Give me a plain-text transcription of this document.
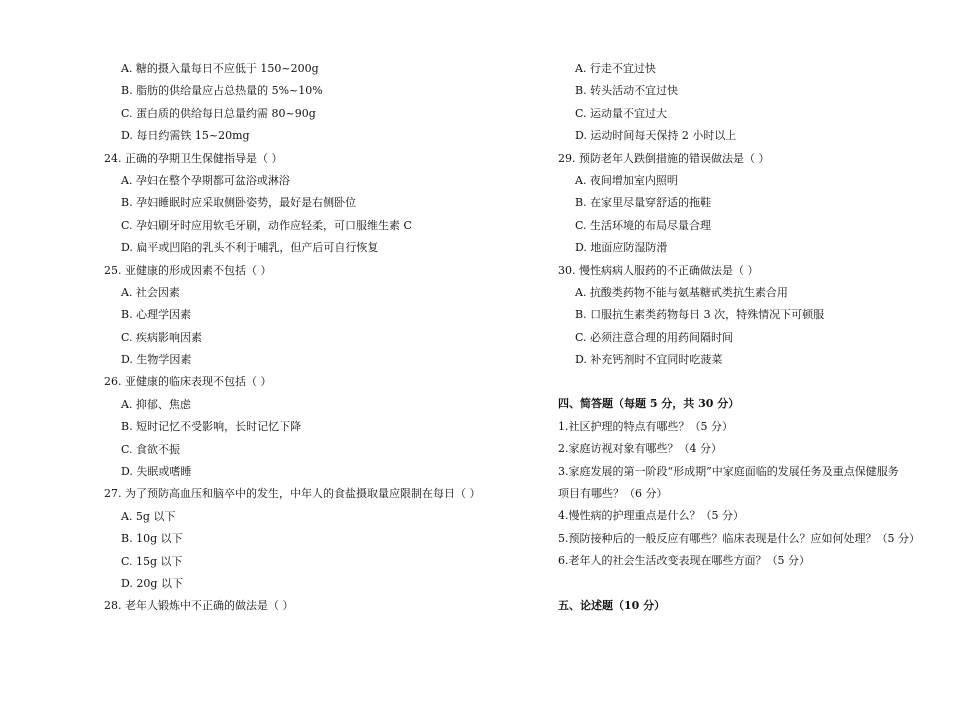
A. 糖的摄入量每日不应低于 150~200g
B. 脂肪的供给量应占总热量的 5%~10%
C. 蛋白质的供给每日总量约需 80~90g
D. 每日约需铁 15~20mg
24. 正确的孕期卫生保健指导是（ ）
A. 孕妇在整个孕期都可盆浴或淋浴
B. 孕妇睡眠时应采取侧卧姿势，最好是右侧卧位
C. 孕妇刷牙时应用软毛牙刷，动作应轻柔，可口服维生素 C
D. 扁平或凹陷的乳头不利于哺乳，但产后可自行恢复
25. 亚健康的形成因素不包括（ ）
A. 社会因素
B. 心理学因素
C. 疾病影响因素
D. 生物学因素
26. 亚健康的临床表现不包括（ ）
A. 抑郁、焦虑
B. 短时记忆不受影响，长时记忆下降
C. 食欲不振
D. 失眠或嗜睡
27. 为了预防高血压和脑卒中的发生，中年人的食盐摄取量应限制在每日（ ）
A. 5g 以下
B. 10g 以下
C. 15g 以下
D. 20g 以下
28. 老年人锻炼中不正确的做法是（ ）
A. 行走不宜过快
B. 转头活动不宜过快
C. 运动量不宜过大
D. 运动时间每天保持 2 小时以上
29. 预防老年人跌倒措施的错误做法是（ ）
A. 夜间增加室内照明
B. 在家里尽量穿舒适的拖鞋
C. 生活环境的布局尽量合理
D. 地面应防湿防滑
30. 慢性病病人服药的不正确做法是（ ）
A. 抗酸类药物不能与氨基糖甙类抗生素合用
B. 口服抗生素类药物每日 3 次，特殊情况下可顿服
C. 必须注意合理的用药间隔时间
D. 补充钙剂时不宜同时吃菠菜
四、简答题（每题 5 分，共 30 分）
1.社区护理的特点有哪些？（5 分）
2.家庭访视对象有哪些？（4 分）
3.家庭发展的第一阶段“形成期”中家庭面临的发展任务及重点保健服务
项目有哪些？（6 分）
4.慢性病的护理重点是什么？（5 分）
5.预防接种后的一般反应有哪些？临床表现是什么？应如何处理？（5 分）
6.老年人的社会生活改变表现在哪些方面？（5 分）
五、论述题（10 分）
